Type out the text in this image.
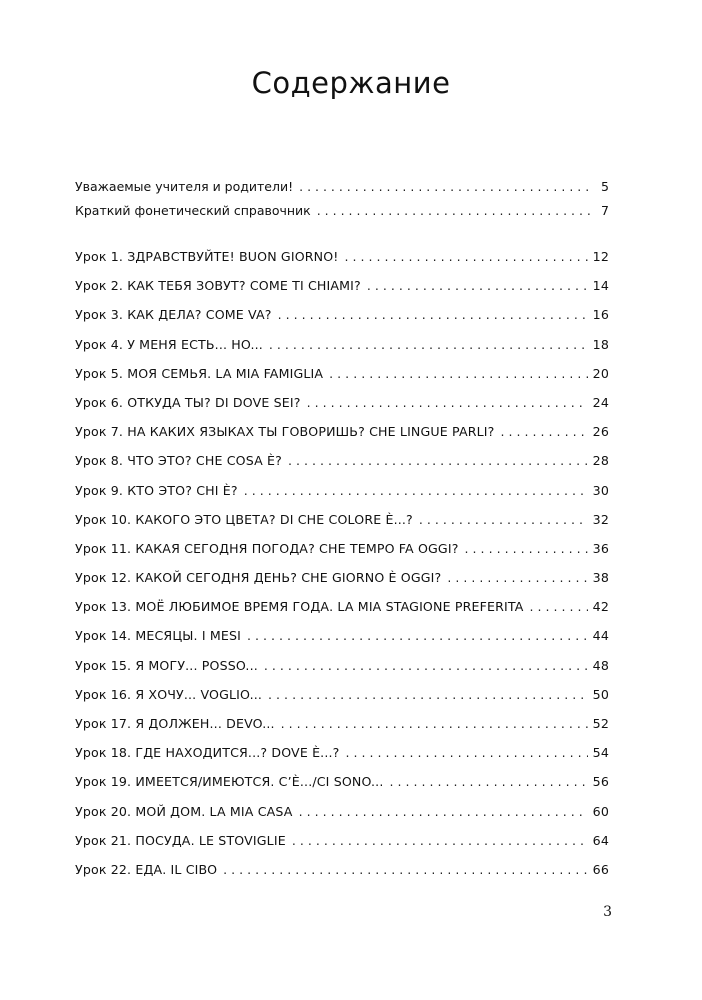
Содержание
Уважаемые учителя и родители! . . .	5
Краткий фонетический справочник . . .	7
Урок 1. ЗДРАВСТВУЙТЕ! BUON GIORNO! . . .	12
Урок 2. КАК ТЕБЯ ЗОВУТ? COME TI CHIAMI? . . .	14
Урок 3. КАК ДЕЛА? COME VA? . . .	16
Урок 4. У МЕНЯ ЕСТЬ... HO... . . .	18
Урок 5. МОЯ СЕМЬЯ. LA MIA FAMIGLIA . . .	20
Урок 6. ОТКУДА ТЫ? DI DOVE SEI? . . .	24
Урок 7. НА КАКИХ ЯЗЫКАХ ТЫ ГОВОРИШЬ? CHE LINGUE PARLI? . . .	26
Урок 8. ЧТО ЭТО? CHE COSA È? . . .	28
Урок 9. КТО ЭТО? CHI È? . . .	30
Урок 10. КАКОГО ЭТО ЦВЕТА? DI CHE COLORE È...? . . .	32
Урок 11. КАКАЯ СЕГОДНЯ ПОГОДА? CHE TEMPO FA OGGI? . . .	36
Урок 12. КАКОЙ СЕГОДНЯ ДЕНЬ? CHE GIORNO È OGGI? . . .	38
Урок 13. МОЁ ЛЮБИМОЕ ВРЕМЯ ГОДА. LA MIA STAGIONE PREFERITA . . .	42
Урок 14. МЕСЯЦЫ. I MESI . . .	44
Урок 15. Я МОГУ... POSSO... . . .	48
Урок 16. Я ХОЧУ... VOGLIO... . . .	50
Урок 17. Я ДОЛЖЕН... DEVO... . . .	52
Урок 18. ГДЕ НАХОДИТСЯ...? DOVE È...? . . .	54
Урок 19. ИМЕЕТСЯ/ИМЕЮТСЯ. C’È.../CI SONO... . . .	56
Урок 20. МОЙ ДОМ. LA MIA CASA . . .	60
Урок 21. ПОСУДА. LE STOVIGLIE . . .	64
Урок 22. ЕДА. IL CIBO . . .	66
3
